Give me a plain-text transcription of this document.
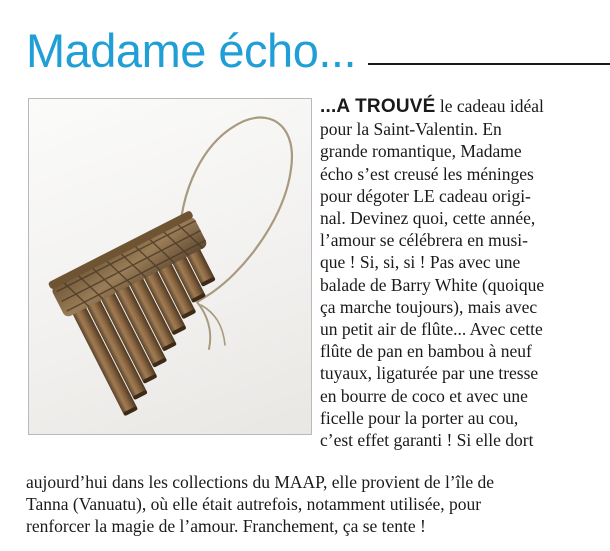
Madame écho...

...A TROUVÉ le cadeau idéal
pour la Saint-Valentin. En
grande romantique, Madame
écho s’est creusé les méninges
pour dégoter LE cadeau origi-
nal. Devinez quoi, cette année,
l’amour se célébrera en musi-
que ! Si, si, si ! Pas avec une
balade de Barry White (quoique
ça marche toujours), mais avec
un petit air de flûte... Avec cette
flûte de pan en bambou à neuf
tuyaux, ligaturée par une tresse
en bourre de coco et avec une
ficelle pour la porter au cou,
c’est effet garanti ! Si elle dort

aujourd’hui dans les collections du MAAP, elle provient de l’île de
Tanna (Vanuatu), où elle était autrefois, notamment utilisée, pour
renforcer la magie de l’amour. Franchement, ça se tente !
